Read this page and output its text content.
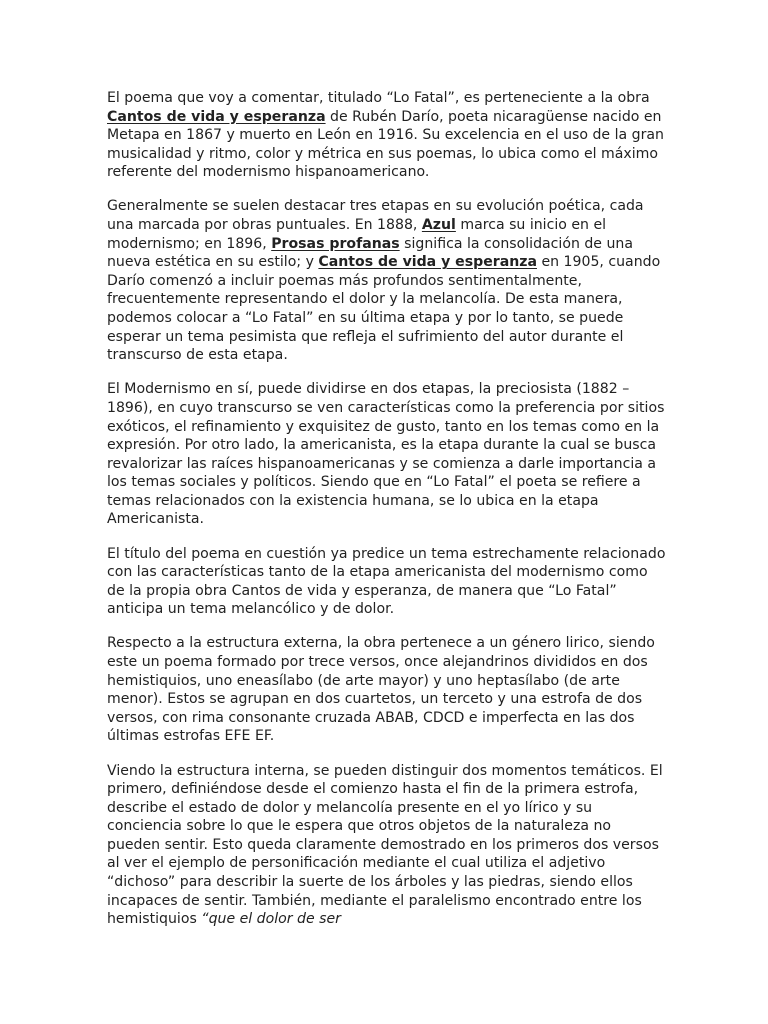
El poema que voy a comentar, titulado “Lo Fatal”, es perteneciente a la obra Cantos de vida y esperanza de Rubén Darío, poeta nicaragüense nacido en Metapa en 1867 y muerto en León en 1916. Su excelencia en el uso de la gran musicalidad y ritmo, color y métrica en sus poemas, lo ubica como el máximo referente del modernismo hispanoamericano.

Generalmente se suelen destacar tres etapas en su evolución poética, cada una marcada por obras puntuales. En 1888, Azul marca su inicio en el modernismo; en 1896, Prosas profanas significa la consolidación de una nueva estética en su estilo; y Cantos de vida y esperanza en 1905, cuando Darío comenzó a incluir poemas más profundos sentimentalmente, frecuentemente representando el dolor y la melancolía. De esta manera, podemos colocar a “Lo Fatal” en su última etapa y por lo tanto, se puede esperar un tema pesimista que refleja el sufrimiento del autor durante el transcurso de esta etapa.

El Modernismo en sí, puede dividirse en dos etapas, la preciosista (1882 – 1896), en cuyo transcurso se ven características como la preferencia por sitios exóticos, el refinamiento y exquisitez de gusto, tanto en los temas como en la expresión. Por otro lado, la americanista, es la etapa durante la cual se busca revalorizar las raíces hispanoamericanas y se comienza a darle importancia a los temas sociales y políticos. Siendo que en “Lo Fatal” el poeta se refiere a temas relacionados con la existencia humana, se lo ubica en la etapa Americanista.

El título del poema en cuestión ya predice un tema estrechamente relacionado con las características tanto de la etapa americanista del modernismo como de la propia obra Cantos de vida y esperanza, de manera que “Lo Fatal” anticipa un tema melancólico y de dolor.

Respecto a la estructura externa, la obra pertenece a un género lirico, siendo este un poema formado por trece versos, once alejandrinos divididos en dos hemistiquios, uno eneasílabo (de arte mayor) y uno heptasílabo (de arte menor). Estos se agrupan en dos cuartetos, un terceto y una estrofa de dos versos, con rima consonante cruzada ABAB, CDCD e imperfecta en las dos últimas estrofas EFE EF.

Viendo la estructura interna, se pueden distinguir dos momentos temáticos. El primero, definiéndose desde el comienzo hasta el fin de la primera estrofa, describe el estado de dolor y melancolía presente en el yo lírico y su conciencia sobre lo que le espera que otros objetos de la naturaleza no pueden sentir. Esto queda claramente demostrado en los primeros dos versos al ver el ejemplo de personificación mediante el cual utiliza el adjetivo “dichoso” para describir la suerte de los árboles y las piedras, siendo ellos incapaces de sentir. También, mediante el paralelismo encontrado entre los hemistiquios “que el dolor de ser
